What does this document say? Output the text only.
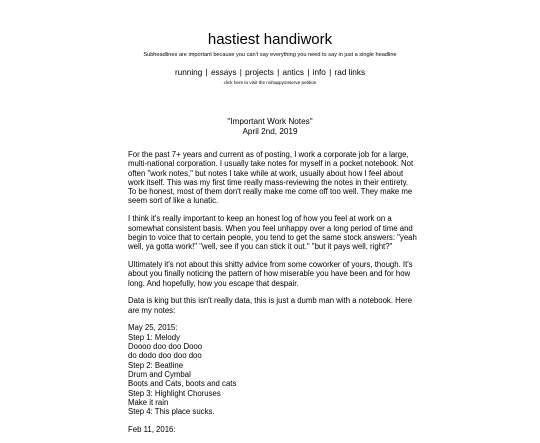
hastiest handiwork
Subheadlines are important because you can't say everything you need to say in just a single headline
running | essays | projects | antics | info | rad links
click here to visit the nohappyonserve petition
"Important Work Notes"
April 2nd, 2019

For the past 7+ years and current as of posting, I work a corporate job for a large, multi-national corporation. I usually take notes for myself in a pocket notebook. Not often "work notes," but notes I take while at work, usually about how I feel about work itself. This was my first time really mass-reviewing the notes in their entirety. To be honest, most of them don't really make me come off too well. They make me seem sort of like a lunatic.

I think it's really important to keep an honest log of how you feel at work on a somewhat consistent basis. When you feel unhappy over a long period of time and begin to voice that to certain people, you tend to get the same stock answers: "yeah well, ya gotta work!" "well, see if you can stick it out." "but it pays well, right?"

Ultimately it's not about this shitty advice from some coworker of yours, though. It's about you finally noticing the pattern of how miserable you have been and for how long. And hopefully, how you escape that despair.

Data is king but this isn't really data, this is just a dumb man with a notebook. Here are my notes:

May 25, 2015:
Step 1: Melody
Doooo doo doo Dooo
do dodo doo doo doo
Step 2: Beatline
Drum and Cymbal
Boots and Cats, boots and cats
Step 3: Highlight Choruses
Make it rain
Step 4: This place sucks.

Feb 11, 2016:
